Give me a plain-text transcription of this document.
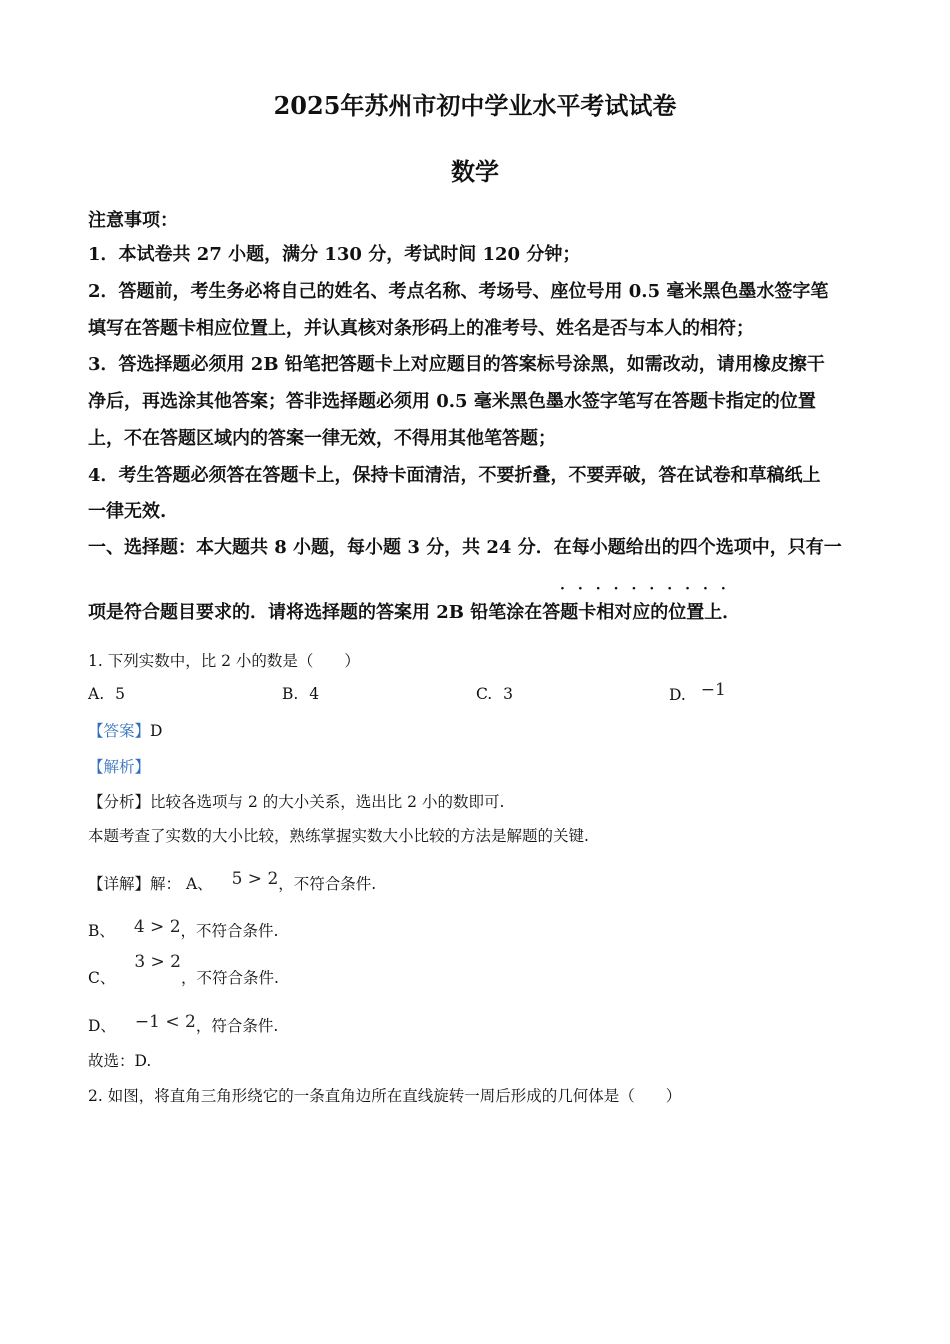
2025年苏州市初中学业水平考试试卷
数学
注意事项：
1．本试卷共 27 小题，满分 130 分，考试时间 120 分钟；
2．答题前，考生务必将自己的姓名、考点名称、考场号、座位号用 0.5 毫米黑色墨水签字笔
填写在答题卡相应位置上，并认真核对条形码上的准考号、姓名是否与本人的相符；
3．答选择题必须用 2B 铅笔把答题卡上对应题目的答案标号涂黑，如需改动，请用橡皮擦干
净后，再选涂其他答案；答非选择题必须用 0.5 毫米黑色墨水签字笔写在答题卡指定的位置
上，不在答题区域内的答案一律无效，不得用其他笔答题；
4．考生答题必须答在答题卡上，保持卡面清洁，不要折叠，不要弄破，答在试卷和草稿纸上
一律无效.
一、选择题：本大题共 8 小题，每小题 3 分，共 24 分．在每小题给出的四个选项中，只有一
··········
项是符合题目要求的．请将选择题的答案用 2B 铅笔涂在答题卡相对应的位置上．
1. 下列实数中，比 2 小的数是（　　）
A. 5	B. 4	C. 3	D. −1
【答案】D
【解析】
【分析】比较各选项与 2 的大小关系，选出比 2 小的数即可.
本题考查了实数的大小比较，熟练掌握实数大小比较的方法是解题的关键.
【详解】解： A、 5 > 2，不符合条件.
B、 4 > 2，不符合条件.
C、 3 > 2，不符合条件.
D、 −1 < 2，符合条件.
故选：D.
2. 如图，将直角三角形绕它的一条直角边所在直线旋转一周后形成的几何体是（　　）
